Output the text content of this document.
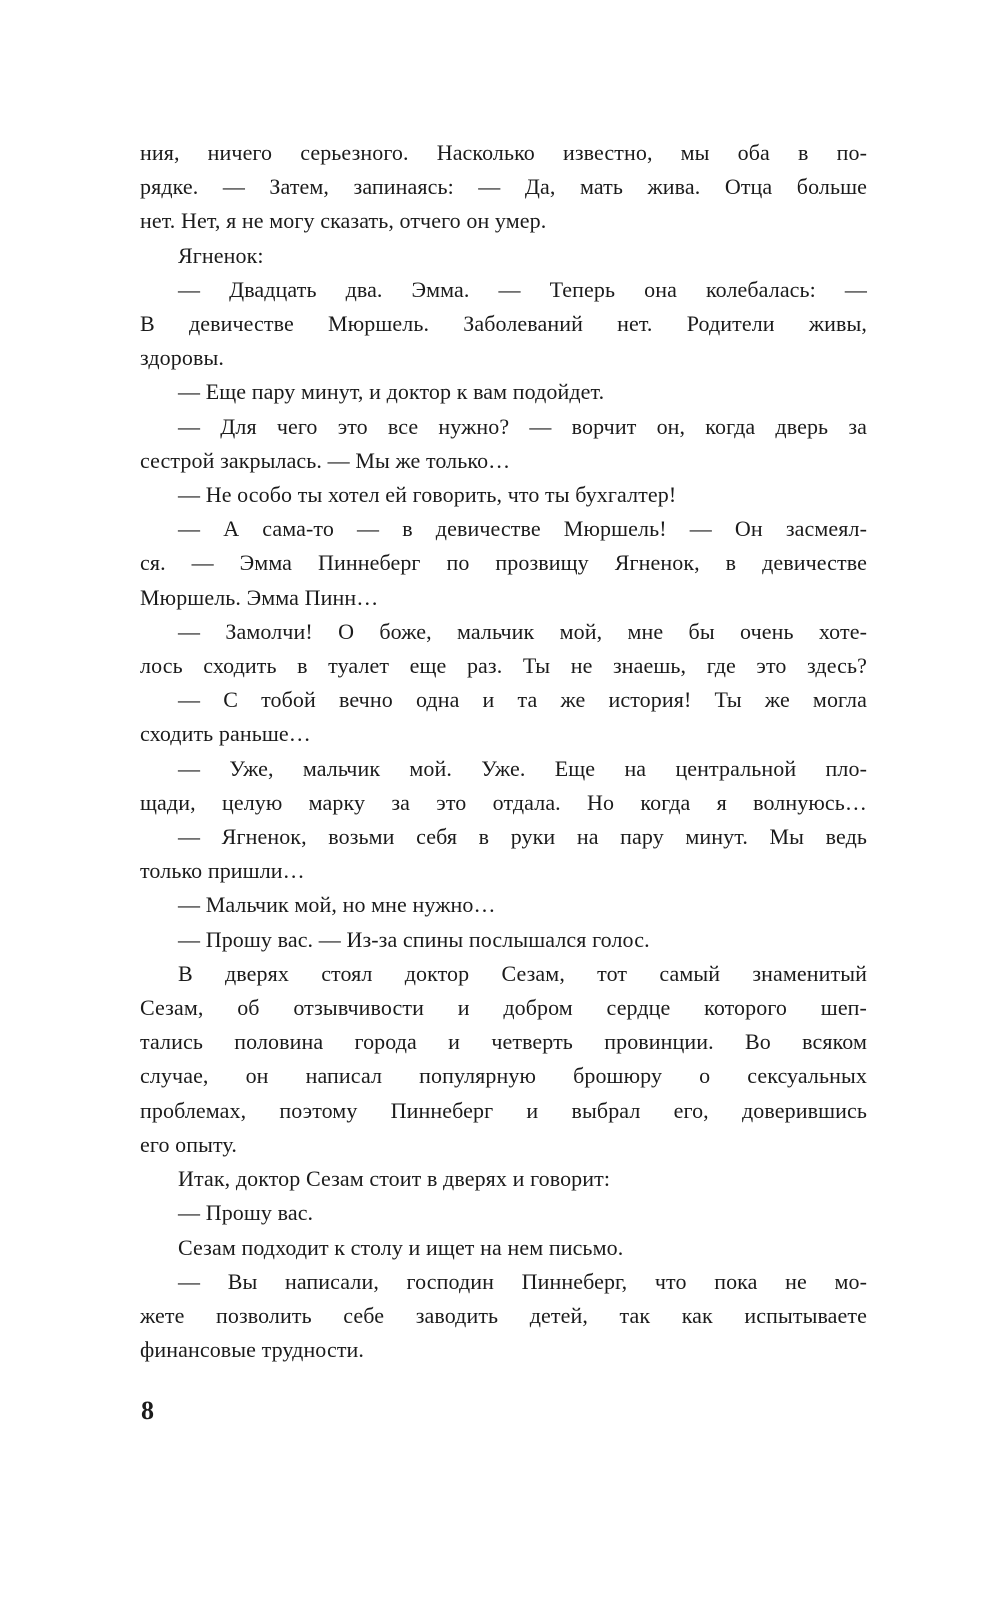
ния, ничего серьезного. Насколько известно, мы оба в по-
рядке. — Затем, запинаясь: — Да, мать жива. Отца больше
нет. Нет, я не могу сказать, отчего он умер.
Ягненок:
— Двадцать два. Эмма. — Теперь она колебалась: —
В девичестве Мюршель. Заболеваний нет. Родители живы,
здоровы.
— Еще пару минут, и доктор к вам подойдет.
— Для чего это все нужно? — ворчит он, когда дверь за
сестрой закрылась. — Мы же только…
— Не особо ты хотел ей говорить, что ты бухгалтер!
— А сама-то — в девичестве Мюршель! — Он засмеял-
ся. — Эмма Пиннеберг по прозвищу Ягненок, в девичестве
Мюршель. Эмма Пинн…
— Замолчи! О боже, мальчик мой, мне бы очень хоте-
лось сходить в туалет еще раз. Ты не знаешь, где это здесь?
— С тобой вечно одна и та же история! Ты же могла
сходить раньше…
— Уже, мальчик мой. Уже. Еще на центральной пло-
щади, целую марку за это отдала. Но когда я волнуюсь…
— Ягненок, возьми себя в руки на пару минут. Мы ведь
только пришли…
— Мальчик мой, но мне нужно…
— Прошу вас. — Из-за спины послышался голос.
В дверях стоял доктор Сезам, тот самый знаменитый
Сезам, об отзывчивости и добром сердце которого шеп-
тались половина города и четверть провинции. Во всяком
случае, он написал популярную брошюру о сексуальных
проблемах, поэтому Пиннеберг и выбрал его, доверившись
его опыту.
Итак, доктор Сезам стоит в дверях и говорит:
— Прошу вас.
Сезам подходит к столу и ищет на нем письмо.
— Вы написали, господин Пиннеберг, что пока не мо-
жете позволить себе заводить детей, так как испытываете
финансовые трудности.
8
